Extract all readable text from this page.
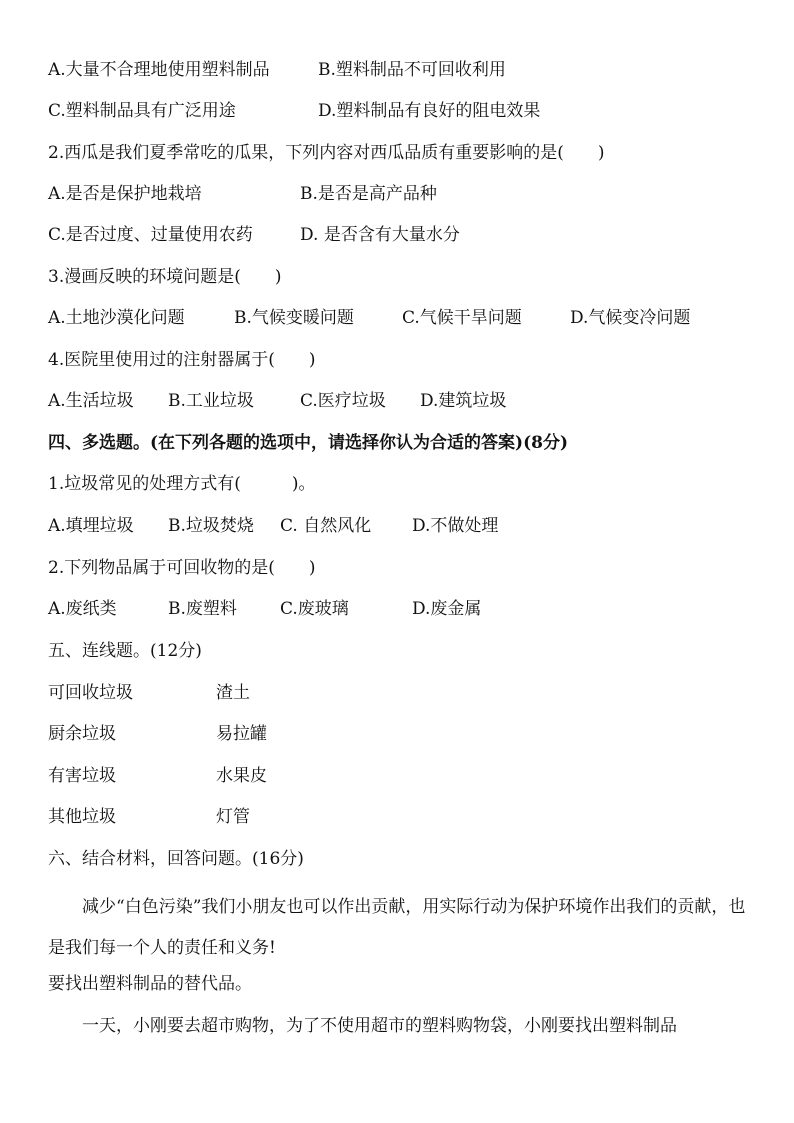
A.大量不合理地使用塑料制品

	B.塑料制品不可回收利用

C.塑料制品具有广泛用途

	D.塑料制品有良好的阻电效果

2.西瓜是我们夏季常吃的瓜果，下列内容对西瓜品质有重要影响的是(　　)

A.是否是保护地栽培

	B.是否是高产品种

C.是否过度、过量使用农药

	D. 是否含有大量水分

3.漫画反映的环境问题是(　　)

A.土地沙漠化问题

	B.气候变暖问题

	C.气候干旱问题

	D.气候变冷问题

4.医院里使用过的注射器属于(　　)

A.生活垃圾

B.工业垃圾

	C.医疗垃圾

D.建筑垃圾

四、多选题。(在下列各题的选项中，请选择你认为合适的答案)(8分)
1.垃圾常见的处理方式有(　　　)。

A.填埋垃圾

B.垃圾焚烧

C. 自然风化

D.不做处理

2.下列物品属于可回收物的是(　　)

A.废纸类

	B.废塑料

	C.废玻璃

	D.废金属

五、连线题。(12分)

可回收垃圾

	渣土

厨余垃圾

	易拉罐

有害垃圾

	水果皮

其他垃圾

	灯管

六、结合材料，回答问题。(16分)
　　减少“白色污染”我们小朋友也可以作出贡献，用实际行动为保护环境作出我们的贡献，也是我们每一个人的责任和义务!
要找出塑料制品的替代品。
　　一天，小刚要去超市购物，为了不使用超市的塑料购物袋，小刚要找出塑料制品
